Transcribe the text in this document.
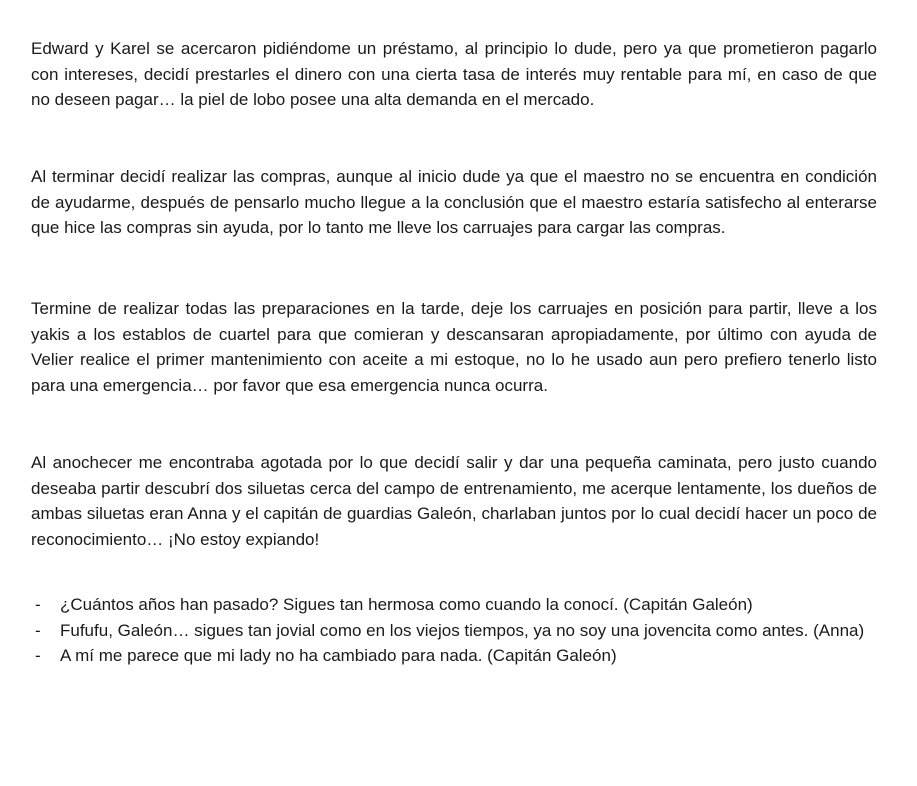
Edward y Karel se acercaron pidiéndome un préstamo, al principio lo dude, pero ya que prometieron pagarlo con intereses, decidí prestarles el dinero con una cierta tasa de interés muy rentable para mí, en caso de que no deseen pagar… la piel de lobo posee una alta demanda en el mercado.

Al terminar decidí realizar las compras, aunque al inicio dude ya que el maestro no se encuentra en condición de ayudarme, después de pensarlo mucho llegue a la conclusión que el maestro estaría satisfecho al enterarse que hice las compras sin ayuda, por lo tanto me lleve los carruajes para cargar las compras.

Termine de realizar todas las preparaciones en la tarde, deje los carruajes en posición para partir, lleve a los yakis a los establos de cuartel para que comieran y descansaran apropiadamente, por último con ayuda de Velier realice el primer mantenimiento con aceite a mi estoque, no lo he usado aun pero prefiero tenerlo listo para una emergencia… por favor que esa emergencia nunca ocurra.

Al anochecer me encontraba agotada por lo que decidí salir y dar una pequeña caminata, pero justo cuando deseaba partir descubrí dos siluetas cerca del campo de entrenamiento, me acerque lentamente, los dueños de ambas siluetas eran Anna y el capitán de guardias Galeón, charlaban juntos por lo cual decidí hacer un poco de reconocimiento… ¡No estoy expiando!

- ¿Cuántos años han pasado? Sigues tan hermosa como cuando la conocí. (Capitán Galeón)
- Fufufu, Galeón… sigues tan jovial como en los viejos tiempos, ya no soy una jovencita como antes. (Anna)
- A mí me parece que mi lady no ha cambiado para nada. (Capitán Galeón)
